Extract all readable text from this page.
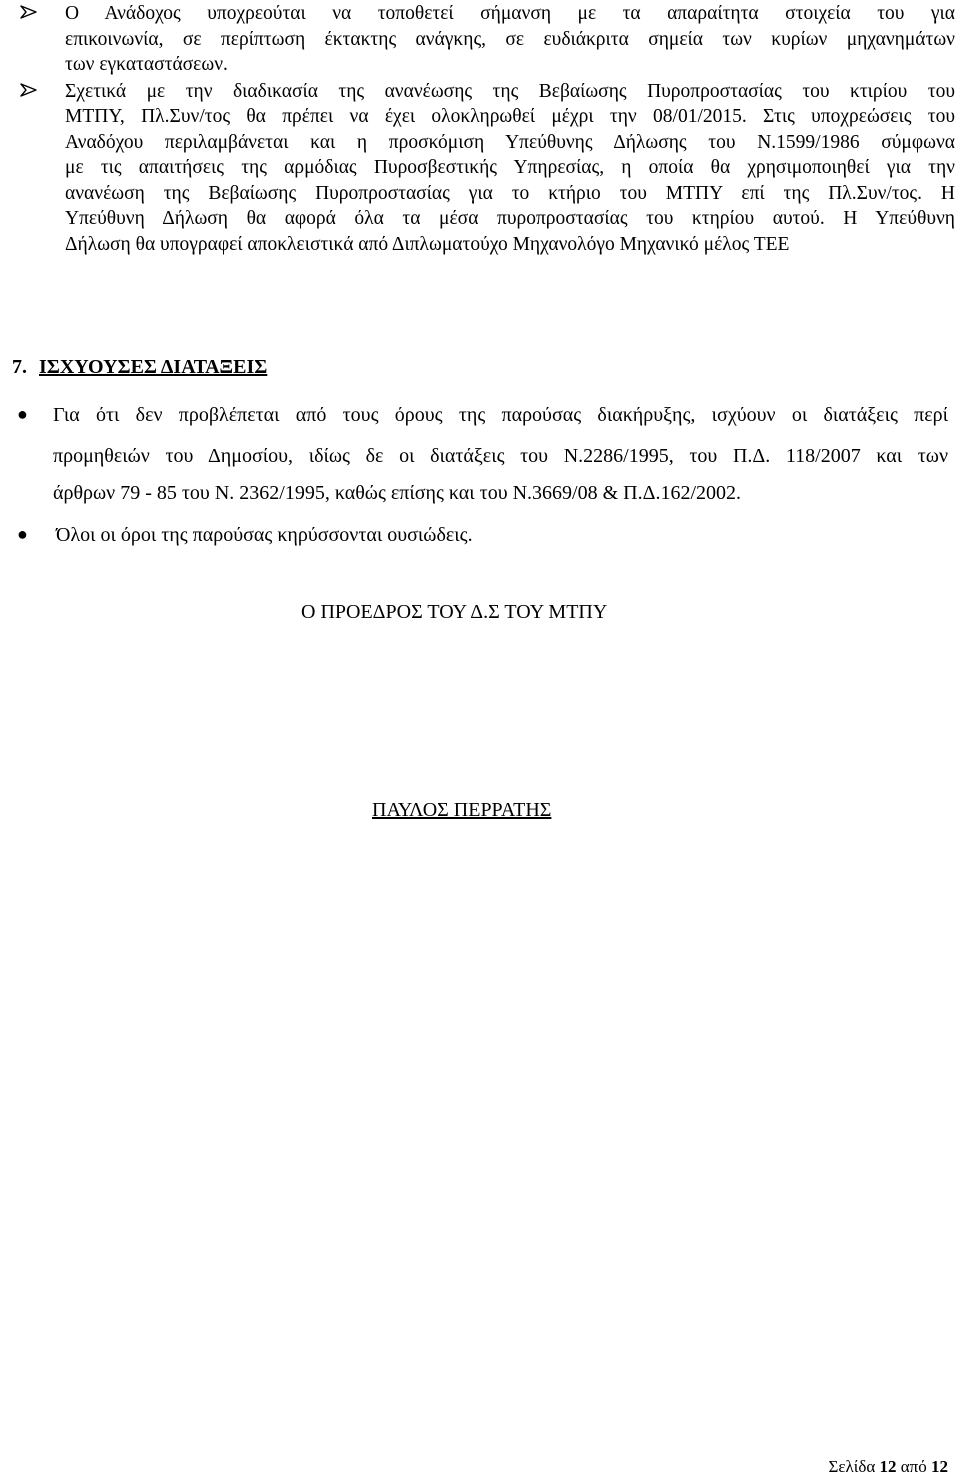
Ο Ανάδοχος υποχρεούται να τοποθετεί σήμανση με τα απαραίτητα στοιχεία του για
επικοινωνία, σε περίπτωση έκτακτης ανάγκης, σε ευδιάκριτα σημεία των κυρίων μηχανημάτων
των εγκαταστάσεων.
Σχετικά με την διαδικασία της ανανέωσης της Βεβαίωσης Πυροπροστασίας του κτιρίου του
ΜΤΠΥ, Πλ.Συν/τος θα πρέπει να έχει ολοκληρωθεί μέχρι την 08/01/2015. Στις υποχρεώσεις του
Αναδόχου περιλαμβάνεται και η προσκόμιση Υπεύθυνης Δήλωσης του Ν.1599/1986 σύμφωνα
με τις απαιτήσεις της αρμόδιας Πυροσβεστικής Υπηρεσίας, η οποία θα χρησιμοποιηθεί για την
ανανέωση της Βεβαίωσης Πυροπροστασίας για το κτήριο του ΜΤΠΥ επί της Πλ.Συν/τος. Η
Υπεύθυνη Δήλωση θα αφορά όλα τα μέσα πυροπροστασίας του κτηρίου αυτού. Η Υπεύθυνη
Δήλωση θα υπογραφεί αποκλειστικά από Διπλωματούχο Μηχανολόγο Μηχανικό μέλος ΤΕΕ
7. ΙΣΧΥΟΥΣΕΣ ΔΙΑΤΑΞΕΙΣ
● Για ότι δεν προβλέπεται από τους όρους της παρούσας διακήρυξης, ισχύουν οι διατάξεις περί
προμηθειών του Δημοσίου, ιδίως δε οι διατάξεις του Ν.2286/1995, του Π.Δ. 118/2007 και των
άρθρων 79 - 85 του Ν. 2362/1995, καθώς επίσης και του Ν.3669/08 & Π.Δ.162/2002.
● Όλοι οι όροι της παρούσας κηρύσσονται ουσιώδεις.
Ο ΠΡΟΕΔΡΟΣ ΤΟΥ Δ.Σ ΤΟΥ ΜΤΠΥ
ΠΑΥΛΟΣ ΠΕΡΡΑΤΗΣ
Σελίδα 12 από 12
